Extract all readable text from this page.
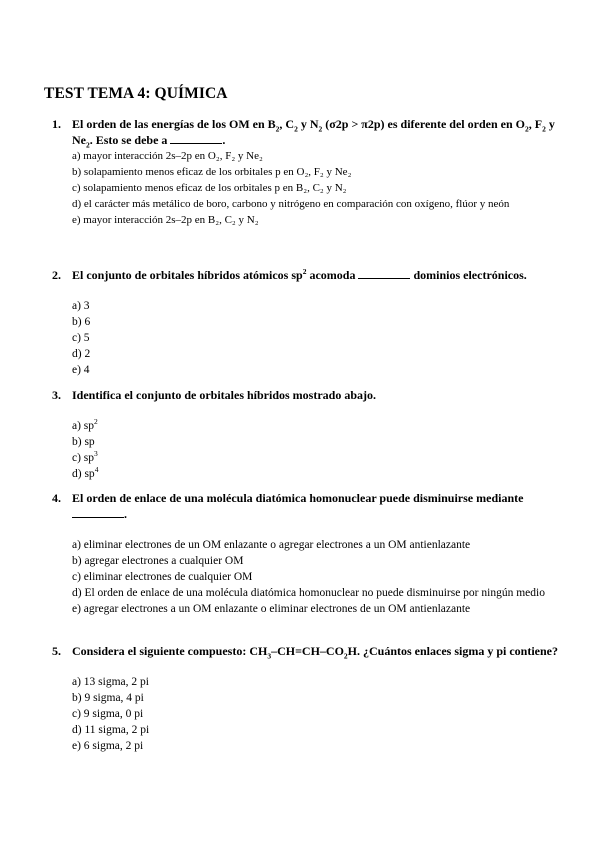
TEST TEMA 4: QUÍMICA
1. El orden de las energías de los OM en $B_2$, $C_2$ y $N_2$ (σ2p > π2p) es diferente del orden en $O_2$, $F_2$ y $Ne_2$. Esto se debe a	.
a) mayor interacción 2s–2p en O₂, F₂ y Ne₂
b) solapamiento menos eficaz de los orbitales p en O₂, F₂ y Ne₂
c) solapamiento menos eficaz de los orbitales p en B₂, C₂ y N₂
d) el carácter más metálico de boro, carbono y nitrógeno en comparación con oxígeno, flúor y neón
e) mayor interacción 2s–2p en B₂, C₂ y N₂
2. El conjunto de orbitales híbridos atómicos $sp^2$ acomoda	dominios electrónicos.
a) 3
b) 6
c) 5
d) 2
e) 4
3. Identifica el conjunto de orbitales híbridos mostrado abajo.
a) $sp^2$
b) sp
c) $sp^3$
d) $sp^4$
4. El orden de enlace de una molécula diatómica homonuclear puede disminuirse mediante
.
a) eliminar electrones de un OM enlazante o agregar electrones a un OM antienlazante
b) agregar electrones a cualquier OM
c) eliminar electrones de cualquier OM
d) El orden de enlace de una molécula diatómica homonuclear no puede disminuirse por ningún medio
e) agregar electrones a un OM enlazante o eliminar electrones de un OM antienlazante
5. Considera el siguiente compuesto: $CH_3-CH=CH-CO_2H$. ¿Cuántos enlaces sigma y pi contiene?
a) 13 sigma, 2 pi
b) 9 sigma, 4 pi
c) 9 sigma, 0 pi
d) 11 sigma, 2 pi
e) 6 sigma, 2 pi
